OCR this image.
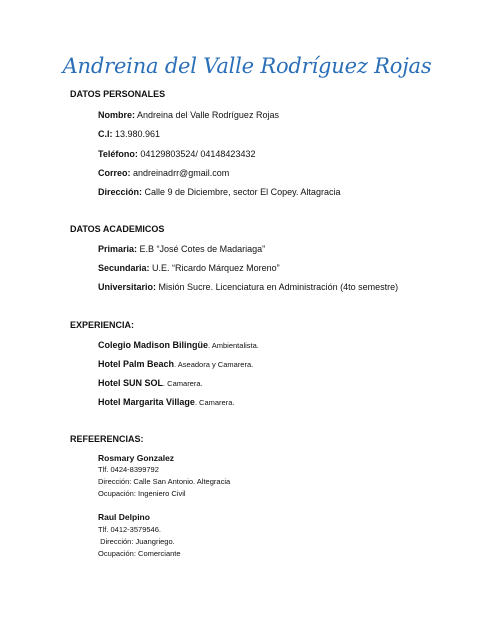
Andreina del Valle Rodríguez Rojas
DATOS PERSONALES
Nombre: Andreina del Valle Rodríguez Rojas
C.I: 13.980.961
Teléfono: 04129803524/ 04148423432
Correo: andreinadrr@gmail.com
Dirección: Calle 9 de Diciembre, sector El Copey. Altagracia
DATOS ACADEMICOS
Primaria: E.B “José Cotes de Madariaga”
Secundaria: U.E. “Ricardo Márquez Moreno”
Universitario: Misión Sucre. Licenciatura en Administración (4to semestre)
EXPERIENCIA:
Colegio Madison Bilingüe. Ambientalista.
Hotel Palm Beach. Aseadora y Camarera.
Hotel SUN SOL. Camarera.
Hotel Margarita Village. Camarera.
REFEERENCIAS:
Rosmary Gonzalez
Tlf. 0424-8399792
Dirección: Calle San Antonio. Altegracia
Ocupación: Ingeniero Civil
Raul Delpino
Tlf. 0412-3579546.
Dirección: Juangriego.
Ocupación: Comerciante
